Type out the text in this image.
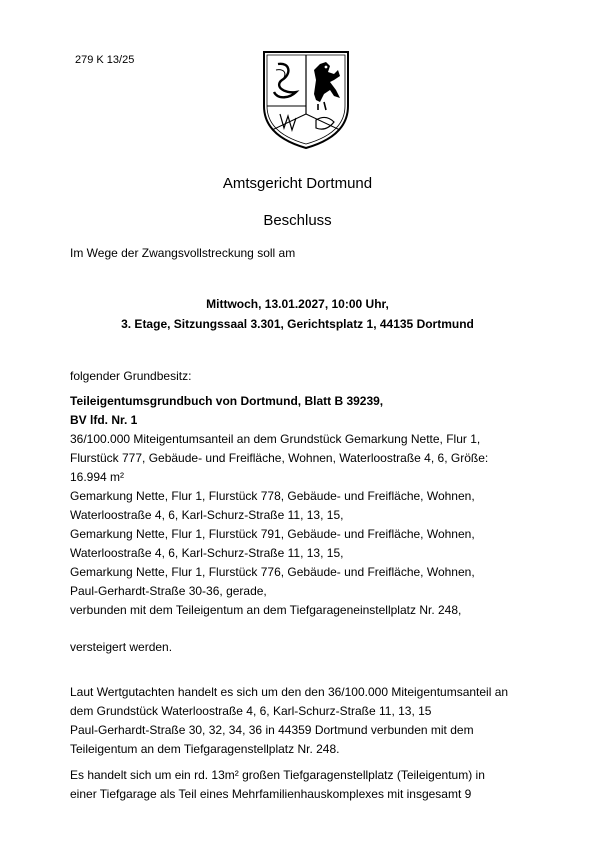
279 K 13/25
Amtsgericht Dortmund
Beschluss
Im Wege der Zwangsvollstreckung soll am
Mittwoch, 13.01.2027, 10:00 Uhr,
3. Etage, Sitzungssaal 3.301, Gerichtsplatz 1, 44135 Dortmund
folgender Grundbesitz:
Teileigentumsgrundbuch von Dortmund, Blatt B 39239,
BV lfd. Nr. 1
36/100.000 Miteigentumsanteil an dem Grundstück Gemarkung Nette, Flur 1,
Flurstück 777, Gebäude- und Freifläche, Wohnen, Waterloostraße 4, 6, Größe:
16.994 m²
Gemarkung Nette, Flur 1, Flurstück 778, Gebäude- und Freifläche, Wohnen,
Waterloostraße 4, 6, Karl-Schurz-Straße 11, 13, 15,
Gemarkung Nette, Flur 1, Flurstück 791, Gebäude- und Freifläche, Wohnen,
Waterloostraße 4, 6, Karl-Schurz-Straße 11, 13, 15,
Gemarkung Nette, Flur 1, Flurstück 776, Gebäude- und Freifläche, Wohnen,
Paul-Gerhardt-Straße 30-36, gerade,
verbunden mit dem Teileigentum an dem Tiefgarageneinstellplatz Nr. 248,
versteigert werden.
Laut Wertgutachten handelt es sich um den den 36/100.000 Miteigentumsanteil an
dem Grundstück Waterloostraße 4, 6, Karl-Schurz-Straße 11, 13, 15
Paul-Gerhardt-Straße 30, 32, 34, 36 in 44359 Dortmund verbunden mit dem
Teileigentum an dem Tiefgaragenstellplatz Nr. 248.
Es handelt sich um ein rd. 13m² großen Tiefgaragenstellplatz (Teileigentum) in
einer Tiefgarage als Teil eines Mehrfamilienhauskomplexes mit insgesamt 9
